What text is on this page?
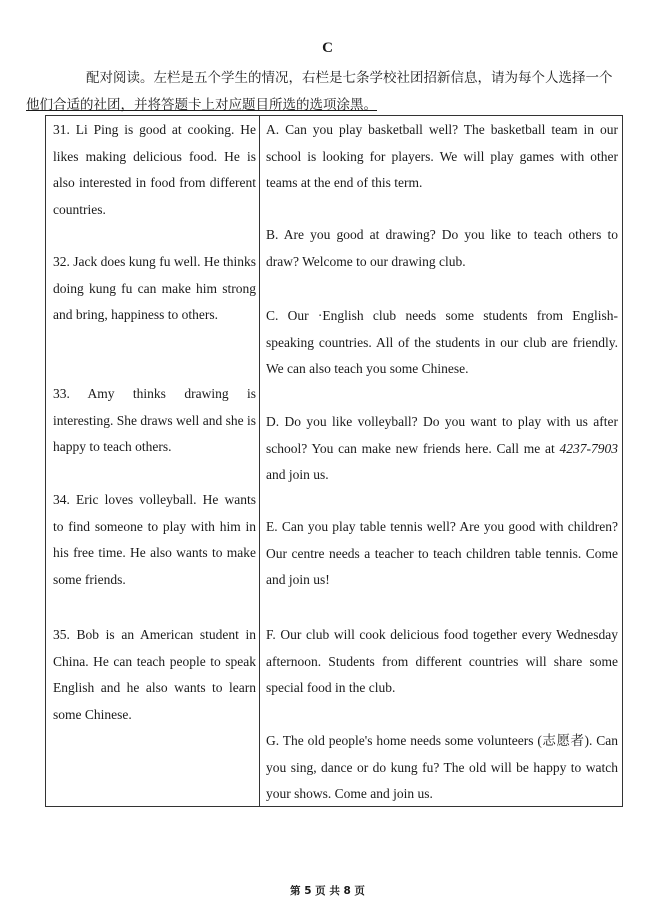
C
配对阅读。左栏是五个学生的情况，右栏是七条学校社团招新信息，请为每个人选择一个
他们合适的社团，并将答题卡上对应题目所选的选项涂黑。
31. Li Ping is good at cooking. He likes making delicious food. He is also interested in food from different countries.
32. Jack does kung fu well. He thinks doing kung fu can make him strong and bring, happiness to others.
33. Amy thinks drawing is interesting. She draws well and she is happy to teach others.
34. Eric loves volleyball. He wants to find someone to play with him in his free time. He also wants to make some friends.
35. Bob is an American student in China. He can teach people to speak English and he also wants to learn some Chinese.
A. Can you play basketball well? The basketball team in our school is looking for players. We will play games with other teams at the end of this term.
B. Are you good at drawing? Do you like to teach others to draw? Welcome to our drawing club.
C. Our ·English club needs some students from English-speaking countries. All of the students in our club are friendly. We can also teach you some Chinese.
D. Do you like volleyball? Do you want to play with us after school? You can make new friends here. Call me at 4237-7903 and join us.
E. Can you play table tennis well? Are you good with children? Our centre needs a teacher to teach children table tennis. Come and join us!
F. Our club will cook delicious food together every Wednesday afternoon. Students from different countries will share some special food in the club.
G. The old people's home needs some volunteers (志愿者). Can you sing, dance or do kung fu? The old will be happy to watch your shows. Come and join us.
第 5 页 共 8 页
